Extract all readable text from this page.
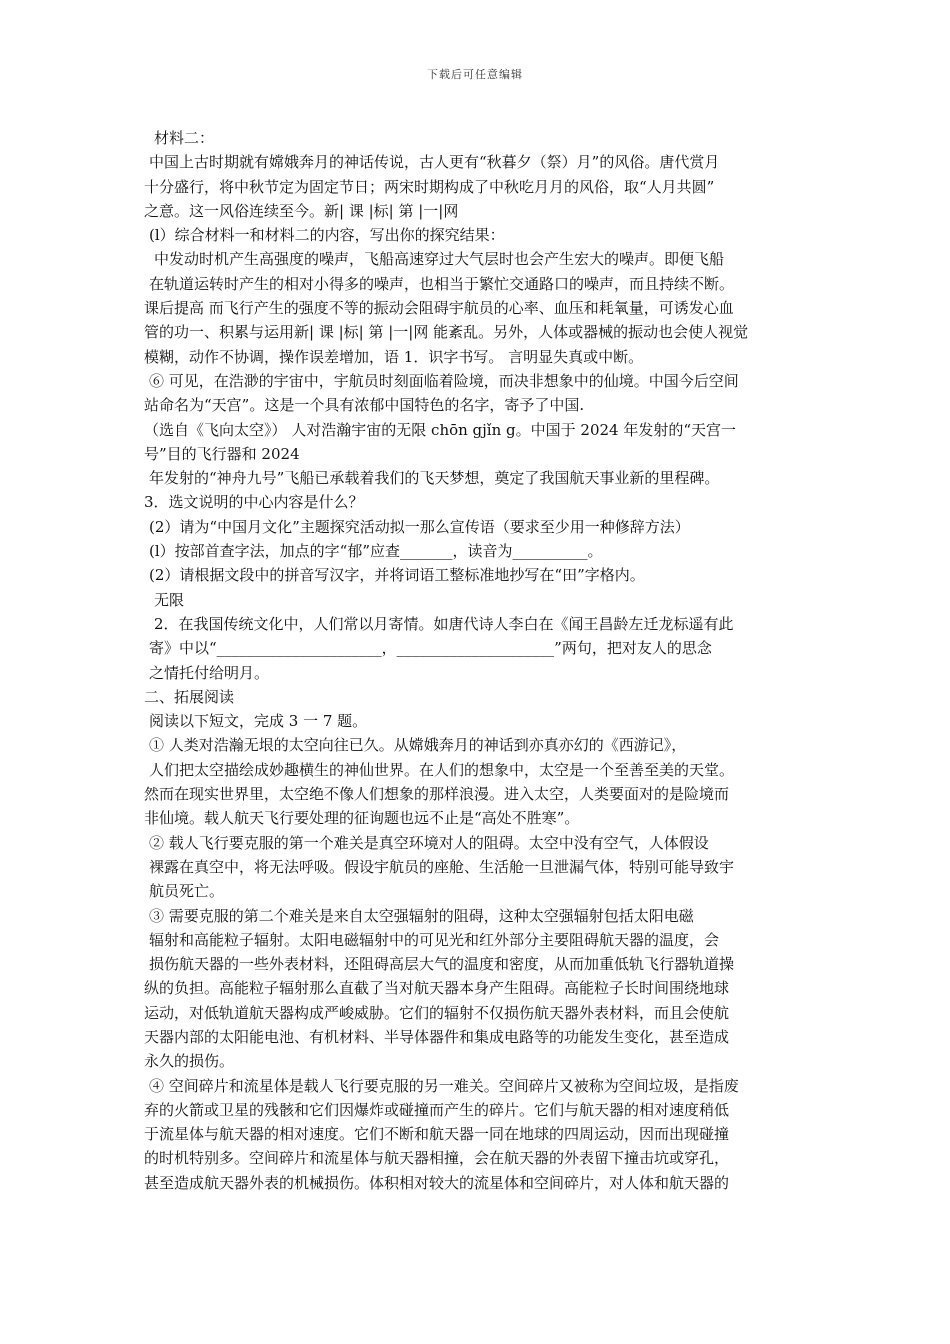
下载后可任意编辑
材料二：
中国上古时期就有嫦娥奔月的神话传说，古人更有“秋暮夕（祭）月”的风俗。唐代赏月
十分盛行，将中秋节定为固定节日；两宋时期构成了中秋吃月月的风俗，取“人月共圆”
之意。这一风俗连续至今。新| 课 |标| 第 |一|网
(l）综合材料一和材料二的内容，写出你的探究结果：
中发动时机产生高强度的噪声，飞船高速穿过大气层时也会产生宏大的噪声。即便飞船
在轨道运转时产生的相对小得多的噪声，也相当于繁忙交通路口的噪声，而且持续不断。
课后提高 而飞行产生的强度不等的振动会阻碍宇航员的心率、血压和耗氧量，可诱发心血
管的功一、积累与运用新| 课 |标| 第 |一|网 能紊乱。另外，人体或器械的振动也会使人视觉
模糊，动作不协调，操作误差增加，语 1．识字书写。 言明显失真或中断。
⑥ 可见，在浩渺的宇宙中，宇航员时刻面临着险境，而决非想象中的仙境。中国今后空间
站命名为“天宫”。这是一个具有浓郁中国特色的名字，寄予了中国.
（选自《飞向太空》） 人对浩瀚宇宙的无限 chōn gjǐn g。中国于 2024 年发射的“天宫一
号”目的飞行器和 2024
年发射的“神舟九号”飞船已承载着我们的飞天梦想，奠定了我国航天事业新的里程碑。
3．选文说明的中心内容是什么？
(2）请为“中国月文化”主题探究活动拟一那么宣传语（要求至少用一种修辞方法）
(l）按部首查字法，加点的字“郁”应查_______，读音为__________。
(2）请根据文段中的拼音写汉字，并将词语工整标准地抄写在“田”字格内。
无限
2．在我国传统文化中，人们常以月寄情。如唐代诗人李白在《闻王昌龄左迁龙标遥有此
寄》中以“______________________，_____________________”两句，把对友人的思念
之情托付给明月。
二、拓展阅读
阅读以下短文，完成 3 一 7 题。
① 人类对浩瀚无垠的太空向往已久。从嫦娥奔月的神话到亦真亦幻的《西游记》，
人们把太空描绘成妙趣横生的神仙世界。在人们的想象中，太空是一个至善至美的天堂。
然而在现实世界里，太空绝不像人们想象的那样浪漫。进入太空，人类要面对的是险境而
非仙境。载人航天飞行要处理的征询题也远不止是“高处不胜寒”。
② 载人飞行要克服的第一个难关是真空环境对人的阻碍。太空中没有空气，人体假设
裸露在真空中，将无法呼吸。假设宇航员的座舱、生活舱一旦泄漏气体，特别可能导致宇
航员死亡。
③ 需要克服的第二个难关是来自太空强辐射的阻碍，这种太空强辐射包括太阳电磁
辐射和高能粒子辐射。太阳电磁辐射中的可见光和红外部分主要阻碍航天器的温度，会
损伤航天器的一些外表材料，还阻碍高层大气的温度和密度，从而加重低轨飞行器轨道操
纵的负担。高能粒子辐射那么直截了当对航天器本身产生阻碍。高能粒子长时间围绕地球
运动，对低轨道航天器构成严峻威胁。它们的辐射不仅损伤航天器外表材料，而且会使航
天器内部的太阳能电池、有机材料、半导体器件和集成电路等的功能发生变化，甚至造成
永久的损伤。
④ 空间碎片和流星体是载人飞行要克服的另一难关。空间碎片又被称为空间垃圾，是指废
弃的火箭或卫星的残骸和它们因爆炸或碰撞而产生的碎片。它们与航天器的相对速度稍低
于流星体与航天器的相对速度。它们不断和航天器一同在地球的四周运动，因而出现碰撞
的时机特别多。空间碎片和流星体与航天器相撞，会在航天器的外表留下撞击坑或穿孔，
甚至造成航天器外表的机械损伤。体积相对较大的流星体和空间碎片，对人体和航天器的
